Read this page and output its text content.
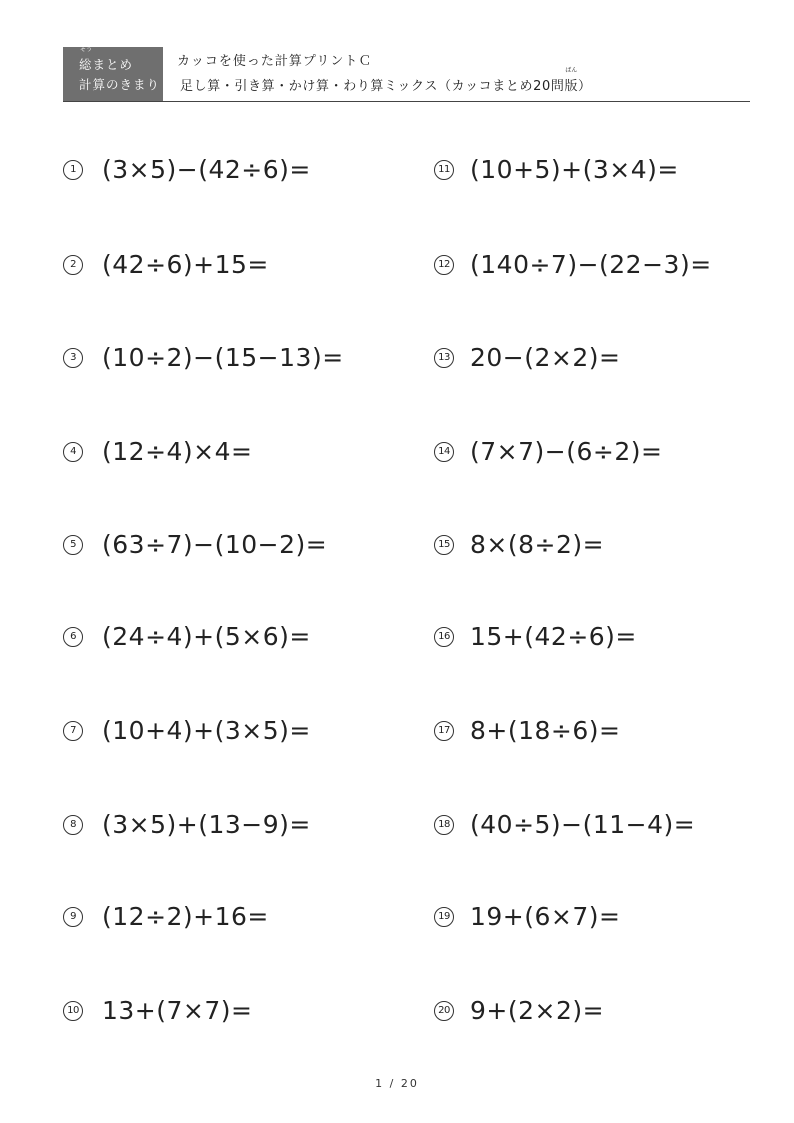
そう
総まとめ
計算のきまり
カッコを使った計算プリントＣ
足し算・引き算・かけ算・わり算ミックス（カッコまとめ20問
ばん
版）
1 (3×5)−(42÷6)=
2 (42÷6)+15=
3 (10÷2)−(15−13)=
4 (12÷4)×4=
5 (63÷7)−(10−2)=
6 (24÷4)+(5×6)=
7 (10+4)+(3×5)=
8 (3×5)+(13−9)=
9 (12÷2)+16=
10 13+(7×7)=
11 (10+5)+(3×4)=
12 (140÷7)−(22−3)=
13 20−(2×2)=
14 (7×7)−(6÷2)=
15 8×(8÷2)=
16 15+(42÷6)=
17 8+(18÷6)=
18 (40÷5)−(11−4)=
19 19+(6×7)=
20 9+(2×2)=
1 / 20
